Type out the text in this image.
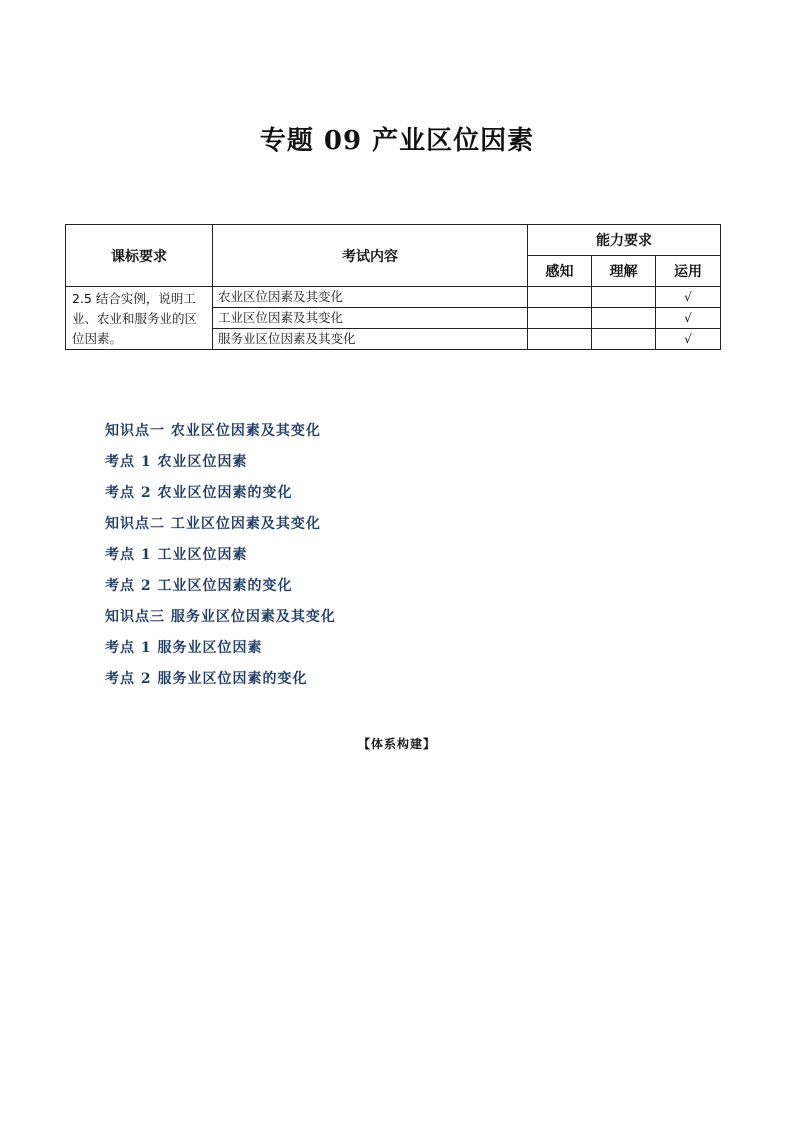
专题 09 产业区位因素
课标要求	考试内容	能力要求		
		感知	理解	运用
2.5 结合实例，说明工业、农业和服务业的区位因素。	农业区位因素及其变化			√
	工业区位因素及其变化			√
	服务业区位因素及其变化			√
知识点一 农业区位因素及其变化
考点 1 农业区位因素
考点 2 农业区位因素的变化
知识点二 工业区位因素及其变化
考点 1 工业区位因素
考点 2 工业区位因素的变化
知识点三 服务业区位因素及其变化
考点 1 服务业区位因素
考点 2 服务业区位因素的变化
【体系构建】
